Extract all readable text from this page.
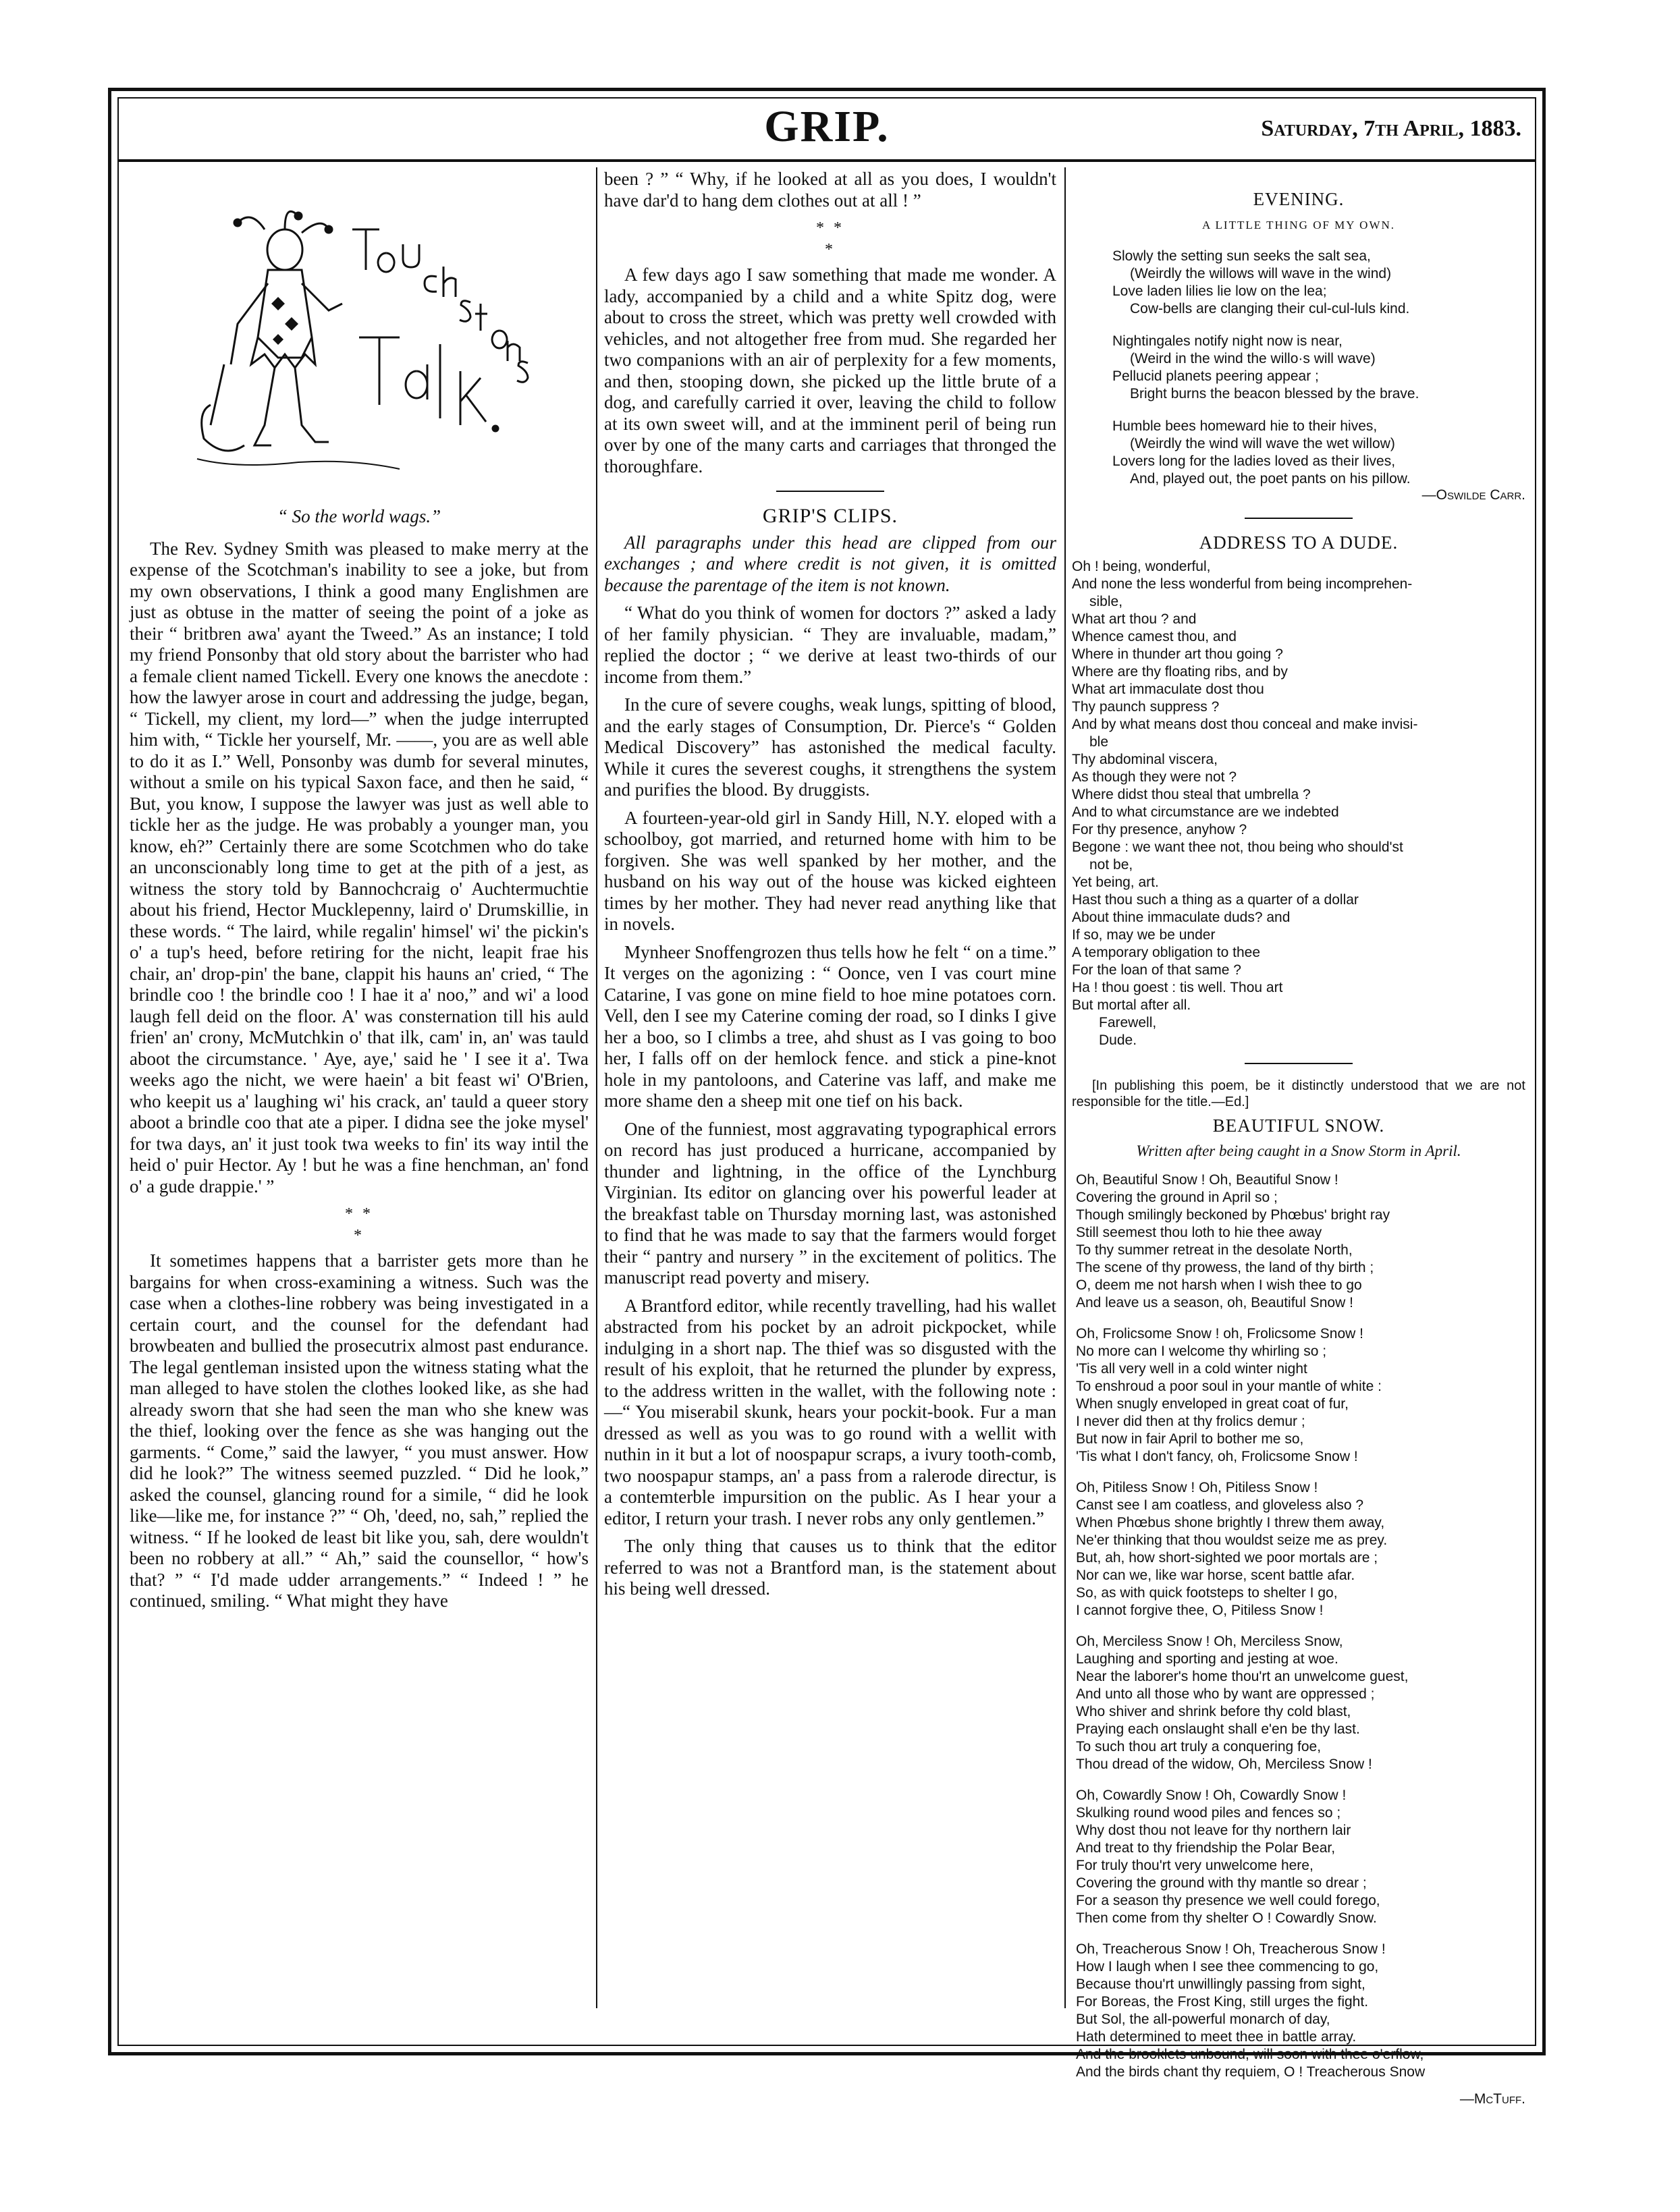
GRIP.	Saturday, 7th April, 1883.
“ So the world wags.”

The Rev. Sydney Smith was pleased to make merry at the expense of the Scotchman's inability to see a joke, but from my own observations, I think a good many Englishmen are just as obtuse in the matter of seeing the point of a joke as their “ britbren awa' ayant the Tweed.” As an instance; I told my friend Ponsonby that old story about the barrister who had a female client named Tickell. Every one knows the anecdote : how the lawyer arose in court and addressing the judge, began, “ Tickell, my client, my lord—” when the judge interrupted him with, “ Tickle her yourself, Mr. ——, you are as well able to do it as I.” Well, Ponsonby was dumb for several minutes, without a smile on his typical Saxon face, and then he said, “ But, you know, I suppose the lawyer was just as well able to tickle her as the judge. He was probably a younger man, you know, eh?” Certainly there are some Scotchmen who do take an unconscionably long time to get at the pith of a jest, as witness the story told by Bannochcraig o' Auchtermuchtie about his friend, Hector Mucklepenny, laird o' Drumskillie, in these words. “ The laird, while regalin' himsel' wi' the pickin's o' a tup's heed, before retiring for the nicht, leapit frae his chair, an' drop-pin' the bane, clappit his hauns an' cried, “ The brindle coo ! the brindle coo ! I hae it a' noo,” and wi' a lood laugh fell deid on the floor. A' was consternation till his auld frien' an' crony, McMutchkin o' that ilk, cam' in, an' was tauld aboot the circumstance. ' Aye, aye,' said he ' I see it a'. Twa weeks ago the nicht, we were haein' a bit feast wi' O'Brien, who keepit us a' laughing wi' his crack, an' tauld a queer story aboot a brindle coo that ate a piper. I didna see the joke mysel' for twa days, an' it just took twa weeks to fin' its way intil the heid o' puir Hector. Ay ! but he was a fine henchman, an' fond o' a gude drappie.' ”

* *
*

It sometimes happens that a barrister gets more than he bargains for when cross-examining a witness. Such was the case when a clothes-line robbery was being investigated in a certain court, and the counsel for the defendant had browbeaten and bullied the prosecutrix almost past endurance. The legal gentleman insisted upon the witness stating what the man alleged to have stolen the clothes looked like, as she had already sworn that she had seen the man who she knew was the thief, looking over the fence as she was hanging out the garments. “ Come,” said the lawyer, “ you must answer. How did he look?” The witness seemed puzzled. “ Did he look,” asked the counsel, glancing round for a simile, “ did he look like—like me, for instance ?” “ Oh, 'deed, no, sah,” replied the witness. “ If he looked de least bit like you, sah, dere wouldn't been no robbery at all.” “ Ah,” said the counsellor, “ how's that? ” “ I'd made udder arrangements.” “ Indeed ! ” he continued, smiling. “ What might they have

been ? ” “ Why, if he looked at all as you does, I wouldn't have dar'd to hang dem clothes out at all ! ”

* *
*

A few days ago I saw something that made me wonder. A lady, accompanied by a child and a white Spitz dog, were about to cross the street, which was pretty well crowded with vehicles, and not altogether free from mud. She regarded her two companions with an air of perplexity for a few moments, and then, stooping down, she picked up the little brute of a dog, and carefully carried it over, leaving the child to follow at its own sweet will, and at the imminent peril of being run over by one of the many carts and carriages that thronged the thoroughfare.

GRIP'S CLIPS.

All paragraphs under this head are clipped from our exchanges ; and where credit is not given, it is omitted because the parentage of the item is not known.

“ What do you think of women for doctors ?” asked a lady of her family physician. “ They are invaluable, madam,” replied the doctor ; “ we derive at least two-thirds of our income from them.”

In the cure of severe coughs, weak lungs, spitting of blood, and the early stages of Consumption, Dr. Pierce's “ Golden Medical Discovery” has astonished the medical faculty. While it cures the severest coughs, it strengthens the system and purifies the blood. By druggists.

A fourteen-year-old girl in Sandy Hill, N.Y. eloped with a schoolboy, got married, and returned home with him to be forgiven. She was well spanked by her mother, and the husband on his way out of the house was kicked eighteen times by her mother. They had never read anything like that in novels.

Mynheer Snoffengrozen thus tells how he felt “ on a time.” It verges on the agonizing : “ Oonce, ven I vas court mine Catarine, I vas gone on mine field to hoe mine potatoes corn. Vell, den I see my Caterine coming der road, so I dinks I give her a boo, so I climbs a tree, ahd shust as I vas going to boo her, I falls off on der hemlock fence. and stick a pine-knot hole in my pantoloons, and Caterine vas laff, and make me more shame den a sheep mit one tief on his back.

One of the funniest, most aggravating typographical errors on record has just produced a hurricane, accompanied by thunder and lightning, in the office of the Lynchburg Virginian. Its editor on glancing over his powerful leader at the breakfast table on Thursday morning last, was astonished to find that he was made to say that the farmers would forget their “ pantry and nursery ” in the excitement of politics. The manuscript read poverty and misery.

A Brantford editor, while recently travelling, had his wallet abstracted from his pocket by an adroit pickpocket, while indulging in a short nap. The thief was so disgusted with the result of his exploit, that he returned the plunder by express, to the address written in the wallet, with the following note :—“ You miserabil skunk, hears your pockit-book. Fur a man dressed as well as you was to go round with a wellit with nuthin in it but a lot of noospapur scraps, a ivury tooth-comb, two noospapur stamps, an' a pass from a ralerode directur, is a contemterble impursition on the public. As I hear your a editor, I return your trash. I never robs any only gentlemen.”

The only thing that causes us to think that the editor referred to was not a Brantford man, is the statement about his being well dressed.

EVENING.
A LITTLE THING OF MY OWN.
Slowly the setting sun seeks the salt sea,
(Weirdly the willows will wave in the wind)
Love laden lilies lie low on the lea;
Cow-bells are clanging their cul-cul-luls kind.
Nightingales notify night now is near,
(Weird in the wind the willo·s will wave)
Pellucid planets peering appear ;
Bright burns the beacon blessed by the brave.
Humble bees homeward hie to their hives,
(Weirdly the wind will wave the wet willow)
Lovers long for the ladies loved as their lives,
And, played out, the poet pants on his pillow.
—Oswilde Carr.
ADDRESS TO A DUDE.
Oh ! being, wonderful,
And none the less wonderful from being incomprehen-
sible,
What art thou ? and
Whence camest thou, and
Where in thunder art thou going ?
Where are thy floating ribs, and by
What art immaculate dost thou
Thy paunch suppress ?
And by what means dost thou conceal and make invisi-
ble
Thy abdominal viscera,
As though they were not ?
Where didst thou steal that umbrella ?
And to what circumstance are we indebted
For thy presence, anyhow ?
Begone : we want thee not, thou being who should'st
not be,
Yet being, art.
Hast thou such a thing as a quarter of a dollar
About thine immaculate duds? and
If so, may we be under
A temporary obligation to thee
For the loan of that same ?
Ha ! thou goest : tis well. Thou art
But mortal after all.
Farewell,
Dude.
[In publishing this poem, be it distinctly understood that we are not responsible for the title.—Ed.]
BEAUTIFUL SNOW.
Written after being caught in a Snow Storm in April.
Oh, Beautiful Snow ! Oh, Beautiful Snow !
Covering the ground in April so ;
Though smilingly beckoned by Phœbus' bright ray
Still seemest thou loth to hie thee away
To thy summer retreat in the desolate North,
The scene of thy prowess, the land of thy birth ;
O, deem me not harsh when I wish thee to go
And leave us a season, oh, Beautiful Snow !
Oh, Frolicsome Snow ! oh, Frolicsome Snow !
No more can I welcome thy whirling so ;
'Tis all very well in a cold winter night
To enshroud a poor soul in your mantle of white :
When snugly enveloped in great coat of fur,
I never did then at thy frolics demur ;
But now in fair April to bother me so,
'Tis what I don't fancy, oh, Frolicsome Snow !
Oh, Pitiless Snow ! Oh, Pitiless Snow !
Canst see I am coatless, and gloveless also ?
When Phœbus shone brightly I threw them away,
Ne'er thinking that thou wouldst seize me as prey.
But, ah, how short-sighted we poor mortals are ;
Nor can we, like war horse, scent battle afar.
So, as with quick footsteps to shelter I go,
I cannot forgive thee, O, Pitiless Snow !
Oh, Merciless Snow ! Oh, Merciless Snow,
Laughing and sporting and jesting at woe.
Near the laborer's home thou'rt an unwelcome guest,
And unto all those who by want are oppressed ;
Who shiver and shrink before thy cold blast,
Praying each onslaught shall e'en be thy last.
To such thou art truly a conquering foe,
Thou dread of the widow, Oh, Merciless Snow !
Oh, Cowardly Snow ! Oh, Cowardly Snow !
Skulking round wood piles and fences so ;
Why dost thou not leave for thy northern lair
And treat to thy friendship the Polar Bear,
For truly thou'rt very unwelcome here,
Covering the ground with thy mantle so drear ;
For a season thy presence we well could forego,
Then come from thy shelter O ! Cowardly Snow.
Oh, Treacherous Snow ! Oh, Treacherous Snow !
How I laugh when I see thee commencing to go,
Because thou'rt unwillingly passing from sight,
For Boreas, the Frost King, still urges the fight.
But Sol, the all-powerful monarch of day,
Hath determined to meet thee in battle array.
And the brooklets unbound, will soon with thee o'erflow,
And the birds chant thy requiem, O ! Treacherous Snow
—McTuff.
